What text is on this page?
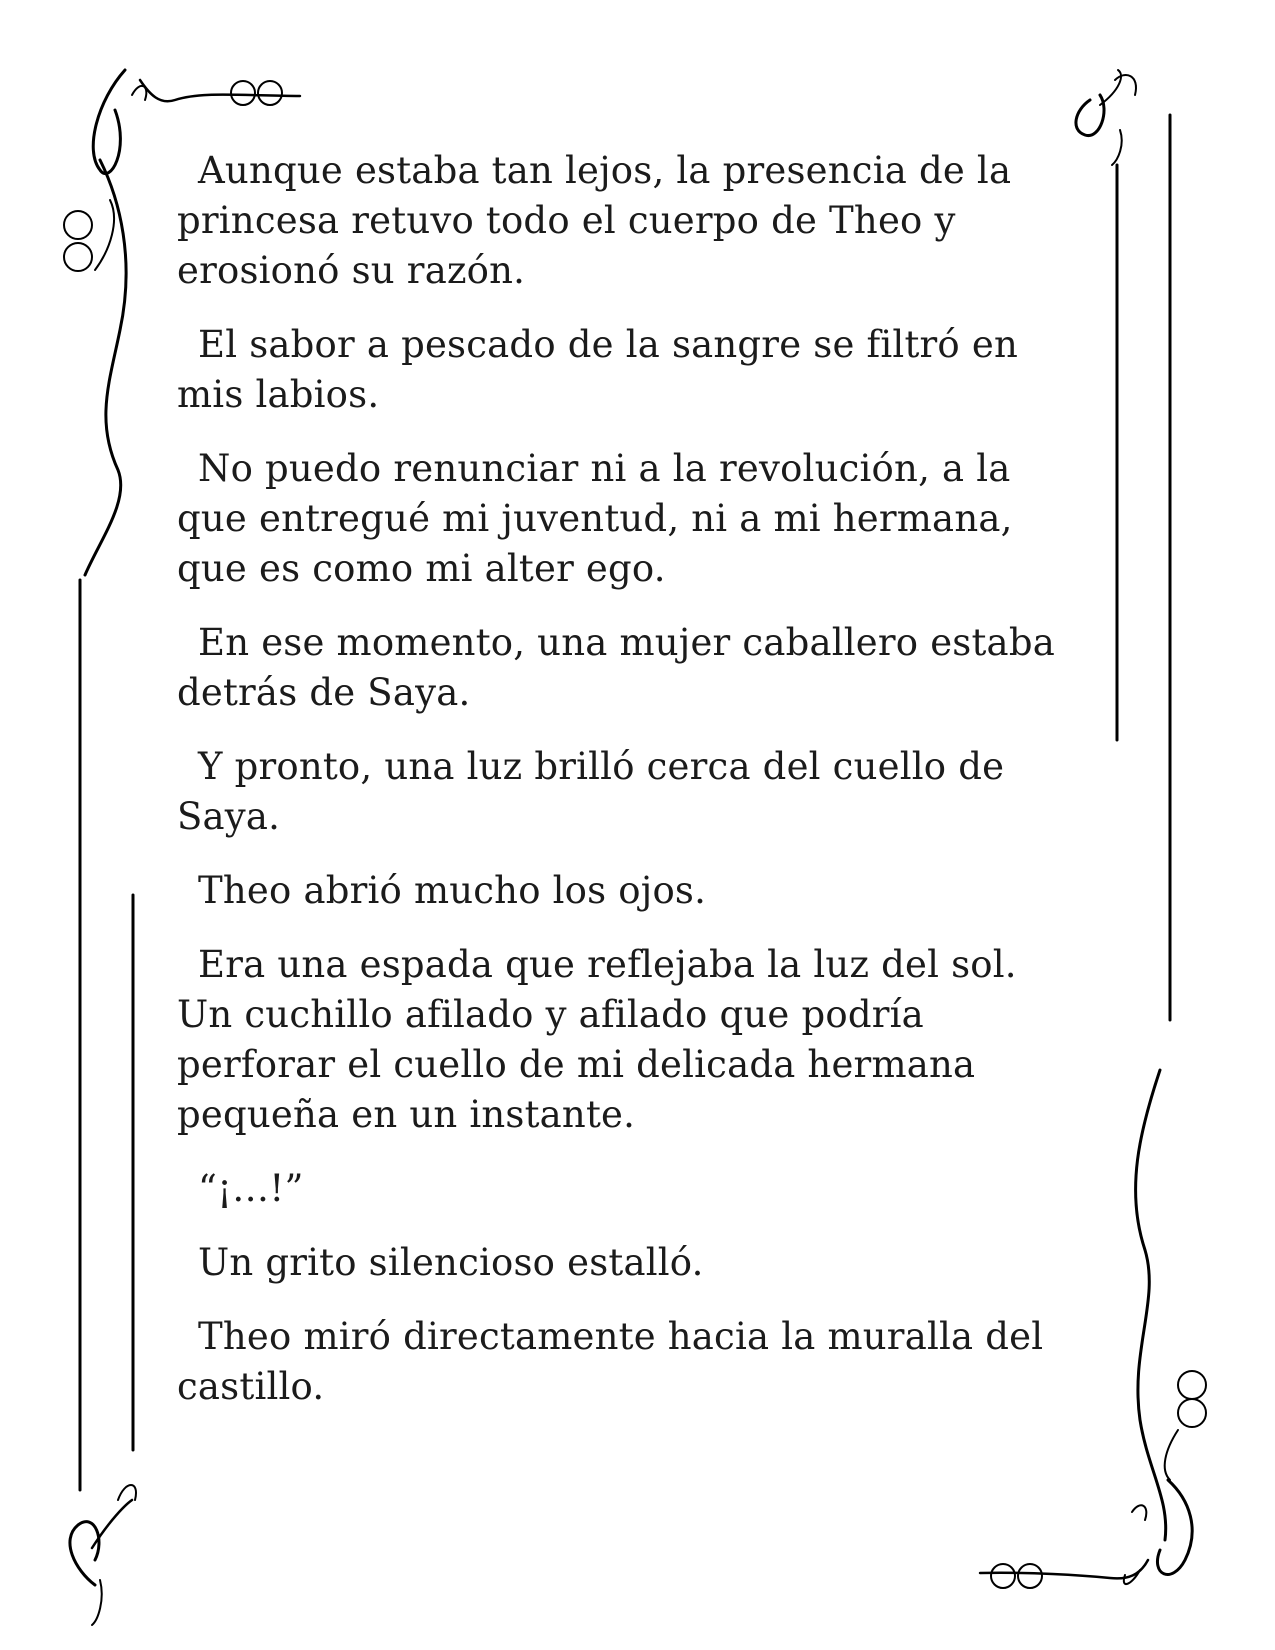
Aunque estaba tan lejos, la presencia de la
princesa retuvo todo el cuerpo de Theo y
erosionó su razón.

El sabor a pescado de la sangre se filtró en
mis labios.

No puedo renunciar ni a la revolución, a la
que entregué mi juventud, ni a mi hermana,
que es como mi alter ego.

En ese momento, una mujer caballero estaba
detrás de Saya.

Y pronto, una luz brilló cerca del cuello de
Saya.

Theo abrió mucho los ojos.

Era una espada que reflejaba la luz del sol.
Un cuchillo afilado y afilado que podría
perforar el cuello de mi delicada hermana
pequeña en un instante.

“¡…!”

Un grito silencioso estalló.

Theo miró directamente hacia la muralla del
castillo.
